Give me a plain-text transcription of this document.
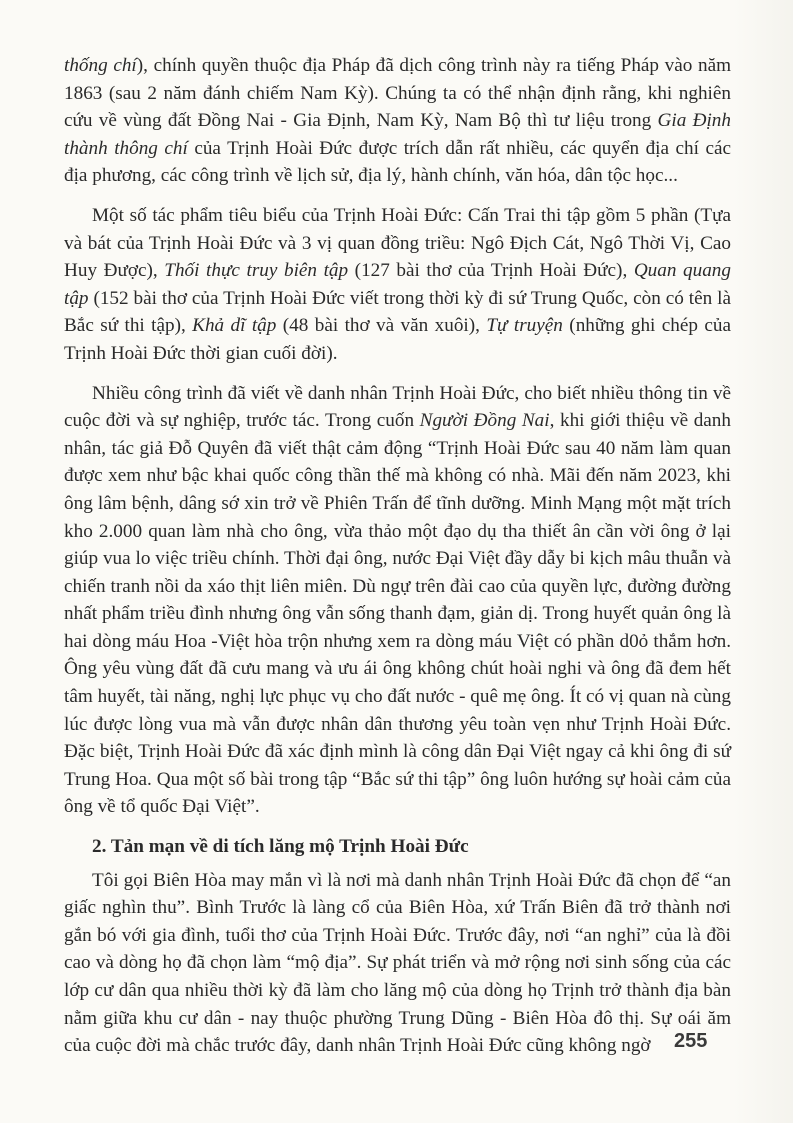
thống chí), chính quyền thuộc địa Pháp đã dịch công trình này ra tiếng Pháp vào năm 1863 (sau 2 năm đánh chiếm Nam Kỳ). Chúng ta có thể nhận định rằng, khi nghiên cứu về vùng đất Đồng Nai - Gia Định, Nam Kỳ, Nam Bộ thì tư liệu trong Gia Định thành thông chí của Trịnh Hoài Đức được trích dẫn rất nhiều, các quyển địa chí các địa phương, các công trình về lịch sử, địa lý, hành chính, văn hóa, dân tộc học...

Một số tác phẩm tiêu biểu của Trịnh Hoài Đức: Cấn Trai thi tập gồm 5 phần (Tựa và bát của Trịnh Hoài Đức và 3 vị quan đồng triều: Ngô Địch Cát, Ngô Thời Vị, Cao Huy Được), Thối thực truy biên tập (127 bài thơ của Trịnh Hoài Đức), Quan quang tập (152 bài thơ của Trịnh Hoài Đức viết trong thời kỳ đi sứ Trung Quốc, còn có tên là Bắc sứ thi tập), Khả dĩ tập (48 bài thơ và văn xuôi), Tự truyện (những ghi chép của Trịnh Hoài Đức thời gian cuối đời).

Nhiều công trình đã viết về danh nhân Trịnh Hoài Đức, cho biết nhiều thông tin về cuộc đời và sự nghiệp, trước tác. Trong cuốn Người Đồng Nai, khi giới thiệu về danh nhân, tác giả Đỗ Quyên đã viết thật cảm động “Trịnh Hoài Đức sau 40 năm làm quan được xem như bậc khai quốc công thần thế mà không có nhà. Mãi đến năm 2023, khi ông lâm bệnh, dâng sớ xin trở về Phiên Trấn để tĩnh dưỡng. Minh Mạng một mặt trích kho 2.000 quan làm nhà cho ông, vừa thảo một đạo dụ tha thiết ân cần vời ông ở lại giúp vua lo việc triều chính. Thời đại ông, nước Đại Việt đầy dẫy bi kịch mâu thuẫn và chiến tranh nồi da xáo thịt liên miên. Dù ngự trên đài cao của quyền lực, đường đường nhất phẩm triều đình nhưng ông vẫn sống thanh đạm, giản dị. Trong huyết quản ông là hai dòng máu Hoa -Việt hòa trộn nhưng xem ra dòng máu Việt có phần d0ỏ thắm hơn. Ông yêu vùng đất đã cưu mang và ưu ái ông không chút hoài nghi và ông đã đem hết tâm huyết, tài năng, nghị lực phục vụ cho đất nước - quê mẹ ông. Ít có vị quan nà cùng lúc được lòng vua mà vẫn được nhân dân thương yêu toàn vẹn như Trịnh Hoài Đức. Đặc biệt, Trịnh Hoài Đức đã xác định mình là công dân Đại Việt ngay cả khi ông đi sứ Trung Hoa. Qua một số bài trong tập “Bắc sứ thi tập” ông luôn hướng sự hoài cảm của ông về tổ quốc Đại Việt”.

2. Tản mạn về di tích lăng mộ Trịnh Hoài Đức

Tôi gọi Biên Hòa may mắn vì là nơi mà danh nhân Trịnh Hoài Đức đã chọn để “an giấc nghìn thu”. Bình Trước là làng cổ của Biên Hòa, xứ Trấn Biên đã trở thành nơi gắn bó với gia đình, tuổi thơ của Trịnh Hoài Đức. Trước đây, nơi “an nghỉ” của là đồi cao và dòng họ đã chọn làm “mộ địa”. Sự phát triển và mở rộng nơi sinh sống của các lớp cư dân qua nhiều thời kỳ đã làm cho lăng mộ của dòng họ Trịnh trở thành địa bàn nằm giữa khu cư dân - nay thuộc phường Trung Dũng - Biên Hòa đô thị. Sự oái ăm của cuộc đời mà chắc trước đây, danh nhân Trịnh Hoài Đức cũng không ngờ	255
